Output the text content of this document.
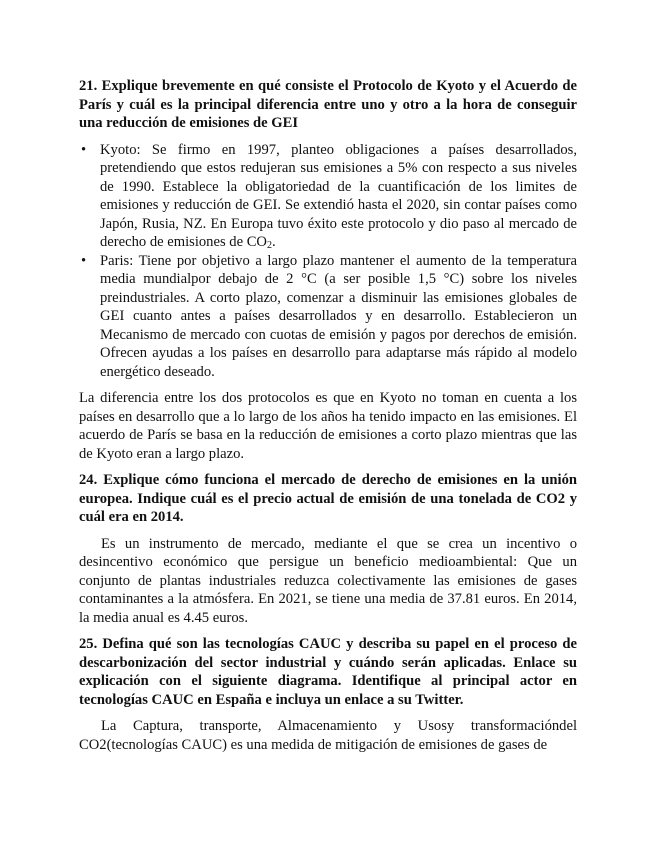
21. Explique brevemente en qué consiste el Protocolo de Kyoto y el Acuerdo de París y cuál es la principal diferencia entre uno y otro a la hora de conseguir una reducción de emisiones de GEI
• Kyoto: Se firmo en 1997, planteo obligaciones a países desarrollados, pretendiendo que estos redujeran sus emisiones a 5% con respecto a sus niveles de 1990. Establece la obligatoriedad de la cuantificación de los limites de emisiones y reducción de GEI. Se extendió hasta el 2020, sin contar países como Japón, Rusia, NZ. En Europa tuvo éxito este protocolo y dio paso al mercado de derecho de emisiones de $CO_2$.
• Paris: Tiene por objetivo a largo plazo mantener el aumento de la temperatura media mundialpor debajo de 2 °C (a ser posible 1,5 °C) sobre los niveles preindustriales. A corto plazo, comenzar a disminuir las emisiones globales de GEI cuanto antes a países desarrollados y en desarrollo. Establecieron un Mecanismo de mercado con cuotas de emisión y pagos por derechos de emisión. Ofrecen ayudas a los países en desarrollo para adaptarse más rápido al modelo energético deseado.

La diferencia entre los dos protocolos es que en Kyoto no toman en cuenta a los países en desarrollo que a lo largo de los años ha tenido impacto en las emisiones. El acuerdo de París se basa en la reducción de emisiones a corto plazo mientras que las de Kyoto eran a largo plazo.

24. Explique cómo funciona el mercado de derecho de emisiones en la unión europea. Indique cuál es el precio actual de emisión de una tonelada de CO2 y cuál era en 2014.

Es un instrumento de mercado, mediante el que se crea un incentivo o desincentivo económico que persigue un beneficio medioambiental: Que un conjunto de plantas industriales reduzca colectivamente las emisiones de gases contaminantes a la atmósfera. En 2021, se tiene una media de 37.81 euros. En 2014, la media anual es 4.45 euros.

25. Defina qué son las tecnologías CAUC y describa su papel en el proceso de descarbonización del sector industrial y cuándo serán aplicadas. Enlace su explicación con el siguiente diagrama. Identifique al principal actor en tecnologías CAUC en España e incluya un enlace a su Twitter.

La Captura, transporte, Almacenamiento y Usosy transformacióndel CO2(tecnologías CAUC) es una medida de mitigación de emisiones de gases de
